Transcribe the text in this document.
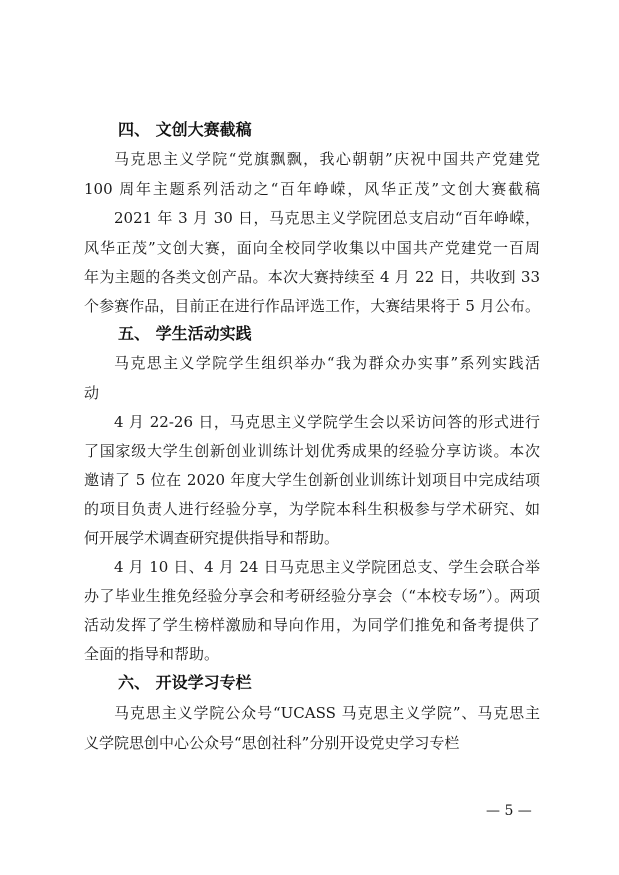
四、 文创大赛截稿
马克思主义学院“党旗飘飘，我心朝朝”庆祝中国共产党建党
100 周年主题系列活动之“百年峥嵘，风华正茂”文创大赛截稿
2021 年 3 月 30 日，马克思主义学院团总支启动“百年峥嵘，
风华正茂”文创大赛，面向全校同学收集以中国共产党建党一百周
年为主题的各类文创产品。本次大赛持续至 4 月 22 日，共收到 33
个参赛作品，目前正在进行作品评选工作，大赛结果将于 5 月公布。
五、 学生活动实践
马克思主义学院学生组织举办“我为群众办实事”系列实践活
动
4 月 22-26 日，马克思主义学院学生会以采访问答的形式进行
了国家级大学生创新创业训练计划优秀成果的经验分享访谈。本次
邀请了 5 位在 2020 年度大学生创新创业训练计划项目中完成结项
的项目负责人进行经验分享，为学院本科生积极参与学术研究、如
何开展学术调查研究提供指导和帮助。
4 月 10 日、4 月 24 日马克思主义学院团总支、学生会联合举
办了毕业生推免经验分享会和考研经验分享会（“本校专场”）。两项
活动发挥了学生榜样激励和导向作用，为同学们推免和备考提供了
全面的指导和帮助。
六、 开设学习专栏
马克思主义学院公众号“UCASS 马克思主义学院”、马克思主
义学院思创中心公众号“思创社科”分别开设党史学习专栏
— 5 —
